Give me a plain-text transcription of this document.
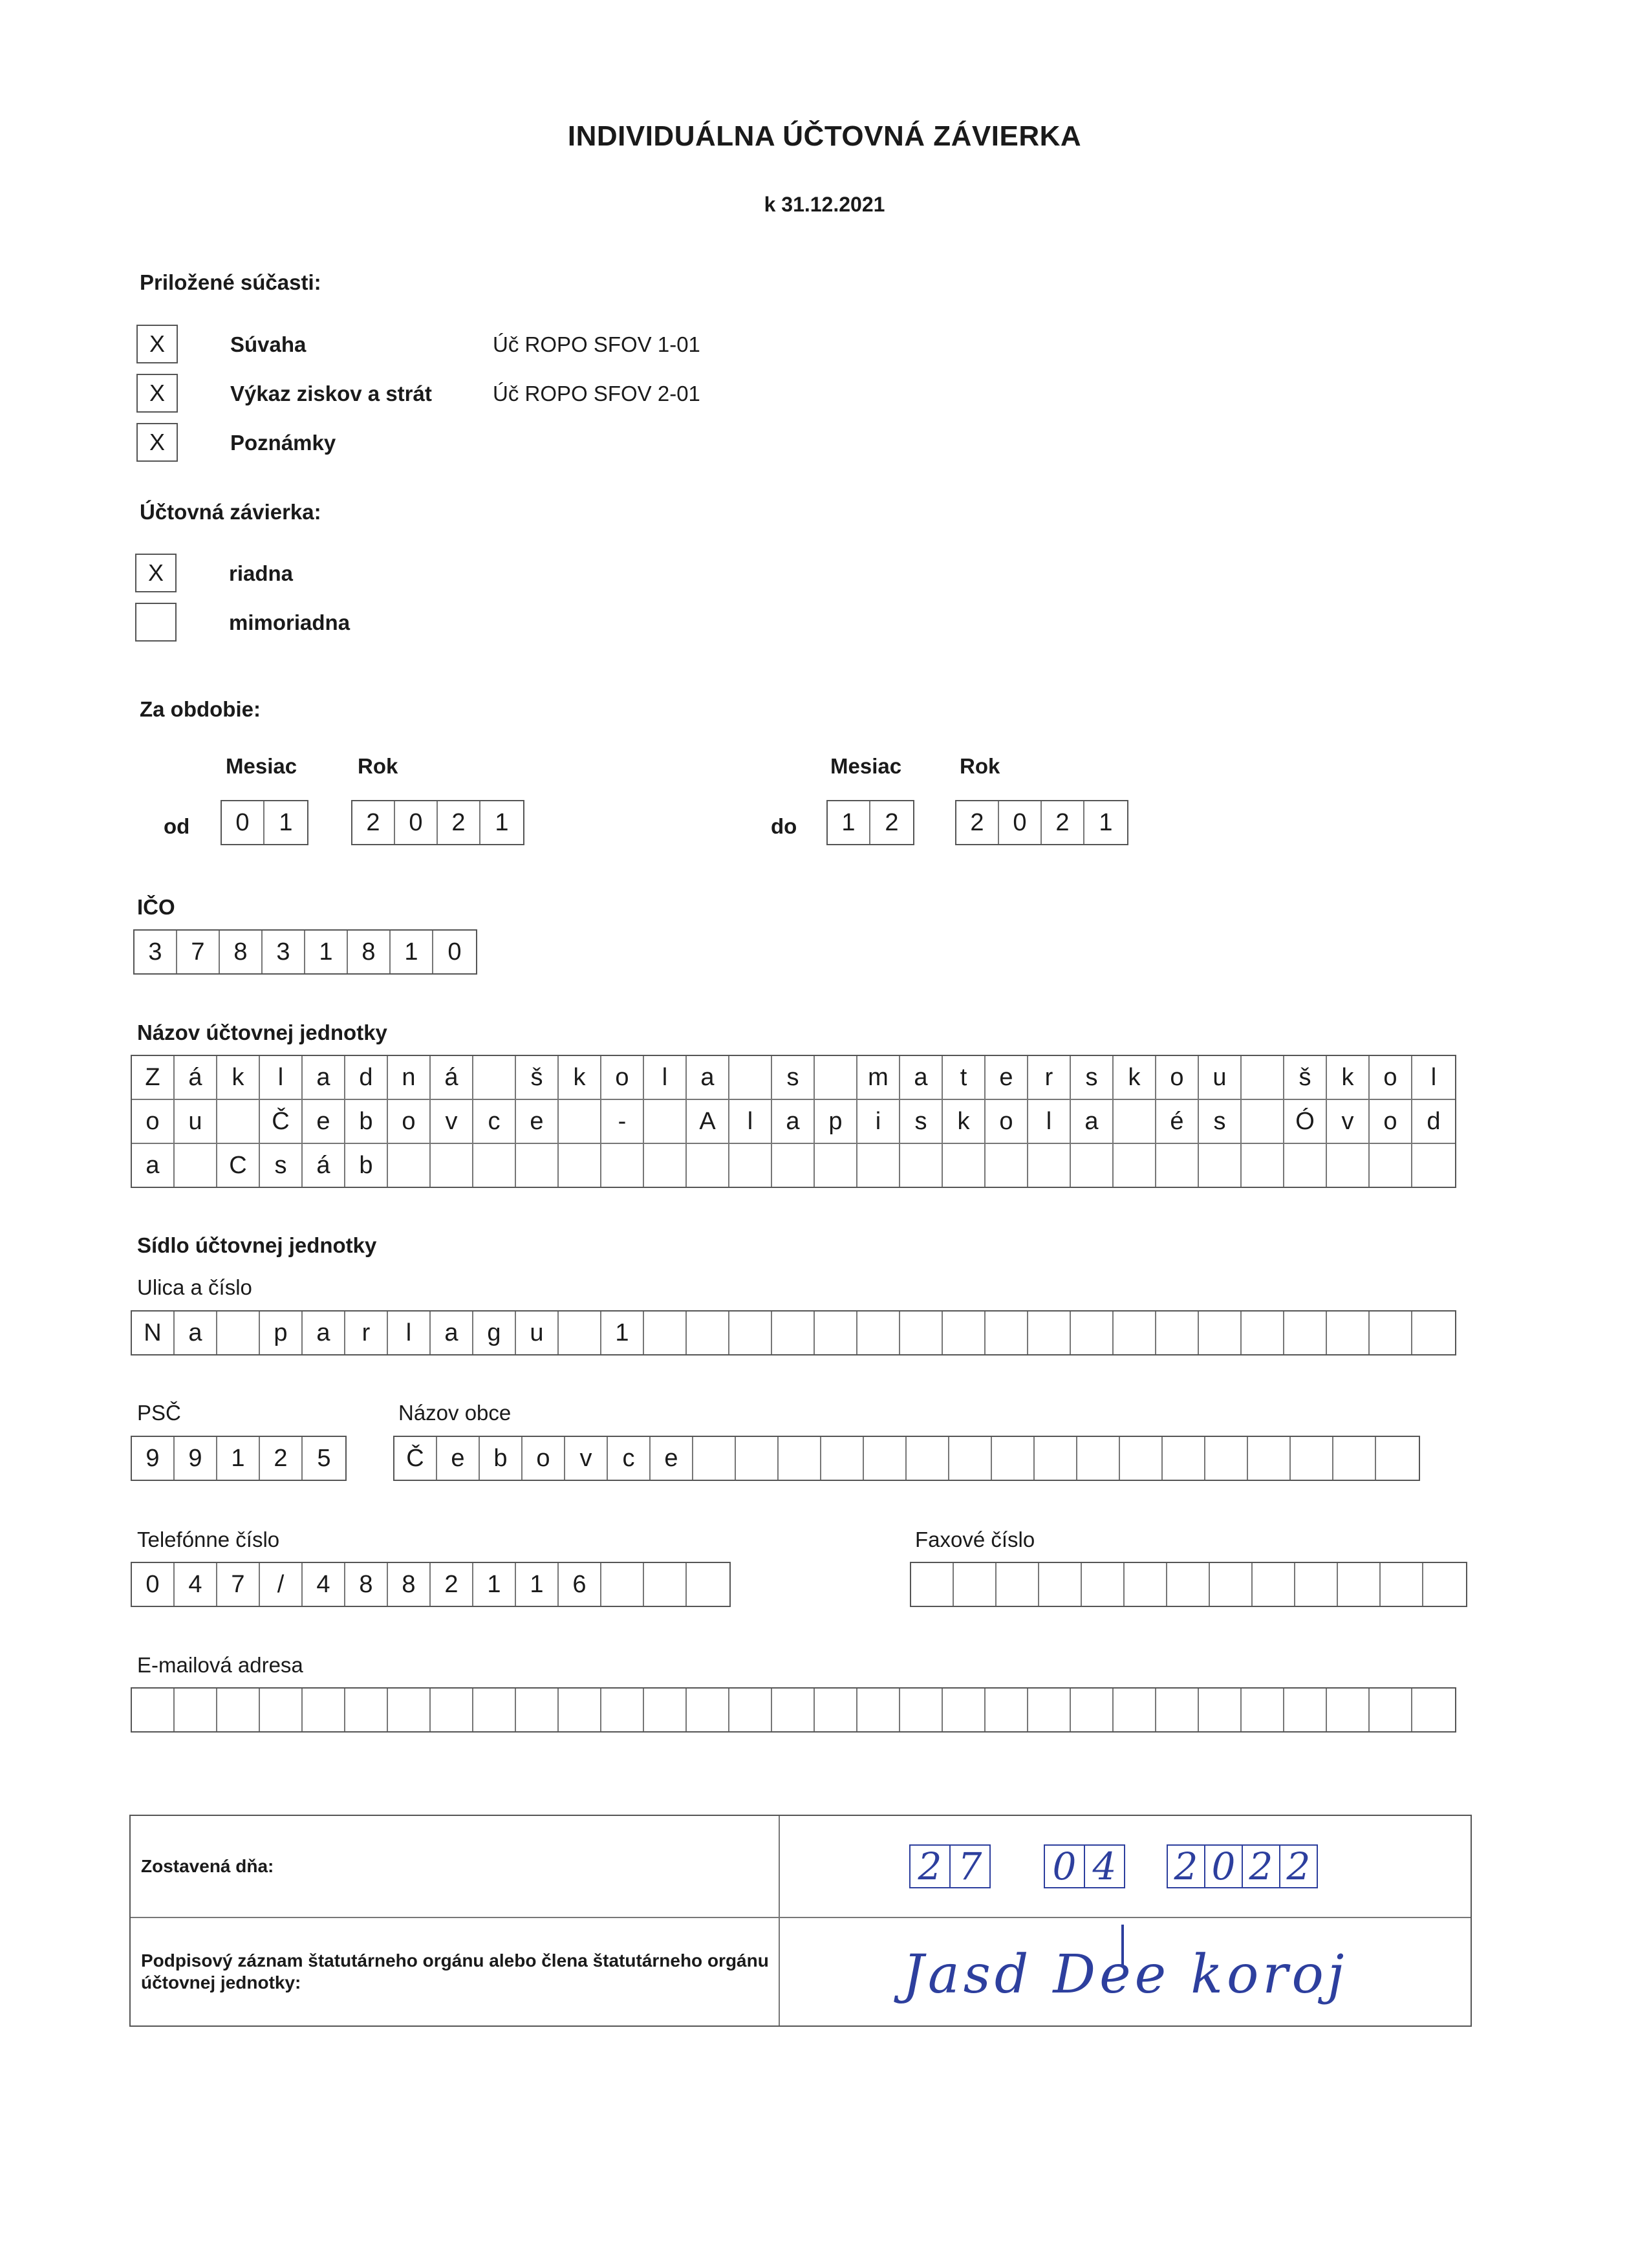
INDIVIDUÁLNA ÚČTOVNÁ ZÁVIERKA
k 31.12.2021
Priložené súčasti:
X	Súvaha	Úč ROPO SFOV 1-01
X	Výkaz ziskov a strát	Úč ROPO SFOV 2-01
X	Poznámky
Účtovná závierka:
X	riadna
mimoriadna
Za obdobie:
Mesiac	Rok	Mesiac	Rok
od	do
0	1	2	0	2	1	1	2	2	0	2	1
IČO
3	7	8	3	1	8	1	0
Názov účtovnej jednotky
Z	á	k	l	a	d	n	á	š	k	o	l	a	s	m	a	t	e	r	s	k	o	u	š	k	o	l
o	u	Č	e	b	o	v	c	e	-	A	l	a	p	i	s	k	o	l	a	é	s	Ó	v	o	d
a	C	s	á	b
Sídlo účtovnej jednotky
Ulica a číslo
N	a	p	a	r	l	a	g	u	1
PSČ
9	9	1	2	5
Názov obce
Č	e	b	o	v	c	e
Telefónne číslo
0	4	7	/	4	8	8	2	1	1	6
Faxové číslo
E-mailová adresa
Zostavená dňa:	2 7 0 4 2 0 2 2
Podpisový záznam štatutárneho orgánu alebo člena štatutárneho orgánu účtovnej jednotky:	Jasd Dee koroj
